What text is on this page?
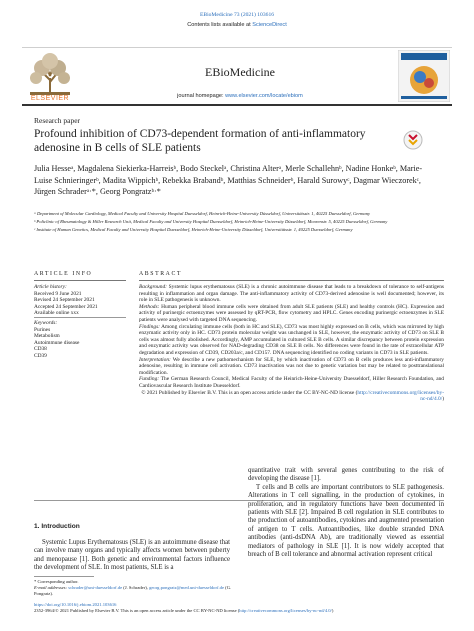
EBioMedicine 73 (2021) 103616
Contents lists available at ScienceDirect
ELSEVIER
EBioMedicine
journal homepage: www.elsevier.com/locate/ebiom
Research paper
Profound inhibition of CD73-dependent formation of anti-inflammatory adenosine in B cells of SLE patients
Julia Hesseᵃ, Magdalena Siekierka-Harreisᵇ, Bodo Steckelᵃ, Christina Alterᵃ, Merle Schallehnᵇ, Nadine Honkeᵇ, Marie-Luise Schnieringerᵇ, Madita Wippichᵇ, Rebekka Brabandᵇ, Matthias Schneiderᵇ, Harald Surowyᶜ, Dagmar Wieczorekᶜ, Jürgen Schraderᵃ·*, Georg Pongratzᵇ·*
ᵃ Department of Molecular Cardiology, Medical Faculty and University Hospital Duesseldorf, Heinrich-Heine-University Düsseldorf, Universitätsstr. 1, 40225 Duesseldorf, Germany
ᵇ Policlinic of Rheumatology & Hiller Research Unit, Medical Faculty and University Hospital Duesseldorf, Heinrich-Heine-University Düsseldorf, Moorenstr. 5, 40225 Duesseldorf, Germany
ᶜ Institute of Human Genetics, Medical Faculty and University Hospital Duesseldorf, Heinrich-Heine-University Düsseldorf, Universitätsstr. 1, 40225 Duesseldorf, Germany
ARTICLE INFO
Article history:
Received 9 June 2021
Revised 24 September 2021
Accepted 24 September 2021
Available online xxx
Keywords:
Purines
Metabolism
Autoimmune disease
CD38
CD39
ABSTRACT

Background: Systemic lupus erythematosus (SLE) is a chronic autoimmune disease that leads to a breakdown of tolerance to self-antigens resulting in inflammation and organ damage. The anti-inflammatory activity of CD73-derived adenosine is well documented; however, its role in SLE pathogenesis is unknown.

Methods: Human peripheral blood immune cells were obtained from adult SLE patients (SLE) and healthy controls (HC). Expression and activity of purinergic ectoenzymes were assessed by qRT-PCR, flow cytometry and HPLC. Genes encoding purinergic ectoenzymes in SLE patients were analysed with targeted DNA sequencing.

Findings: Among circulating immune cells (both in HC and SLE), CD73 was most highly expressed on B cells, which was mirrored by high enzymatic activity only in HC. CD73 protein molecular weight was unchanged in SLE, however, the enzymatic activity of CD73 on SLE B cells was almost fully abolished. Accordingly, AMP accumulated in cultured SLE B cells. A similar discrepancy between protein expression and enzymatic activity was observed for NAD-degrading CD38 on SLE B cells. No differences were found in the rate of extracellular ATP degradation and expression of CD39, CD203a/c, and CD157. DNA sequencing identified no coding variants in CD73 in SLE patients.

Interpretation: We describe a new pathomechanism for SLE, by which inactivation of CD73 on B cells produces less anti-inflammatory adenosine, resulting in immune cell activation. CD73 inactivation was not due to genetic variation but may be related to posttranslational modification.

Funding: The German Research Council, Medical Faculty of the Heinrich-Heine-University Duesseldorf, Hiller Research Foundation, and Cardiovascular Research Institute Duesseldorf.

© 2021 Published by Elsevier B.V. This is an open access article under the CC BY-NC-ND license (http://creativecommons.org/licenses/by-nc-nd/4.0/)

1. Introduction
Systemic Lupus Erythematosus (SLE) is an autoimmune disease that can involve many organs and typically affects women between puberty and menopause [1]. Both genetic and environmental factors influence the development of SLE. In most patients, SLE is a

quantitative trait with several genes contributing to the risk of developing the disease [1].

T cells and B cells are important contributors to SLE pathogenesis. Alterations in T cell signalling, in the production of cytokines, in proliferation, and in regulatory functions have been documented in patients with SLE [2]. Impaired B cell regulation in SLE contributes to the production of autoantibodies, cytokines and augmented presentation of antigen to T cells. Autoantibodies, like double stranded DNA antibodies (anti-dsDNA Ab), are traditionally viewed as essential mediators of pathology in SLE [1]. It is now widely accepted that breach of B cell tolerance and abnormal activation represent critical

* Corresponding author.
E-mail addresses: schrader@uni-duesseldorf.de (J. Schrader), georg.pongratz@med.uni-duesseldorf.de (G. Pongratz).
https://doi.org/10.1016/j.ebiom.2021.103616
2352-3964/© 2021 Published by Elsevier B.V. This is an open access article under the CC BY-NC-ND license (http://creativecommons.org/licenses/by-nc-nd/4.0/)
